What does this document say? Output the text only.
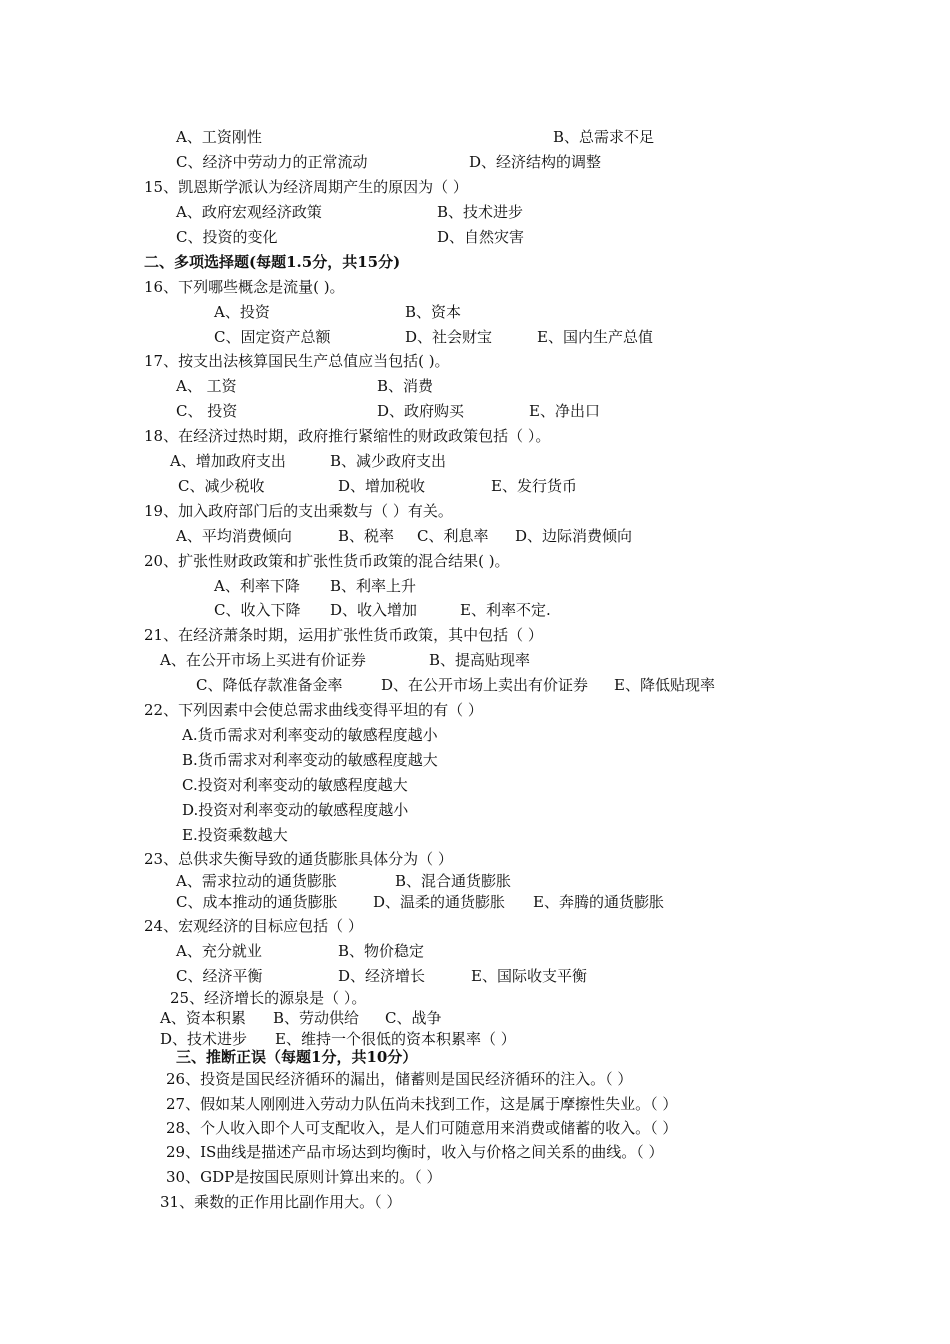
A、工资刚性	B、总需求不足
C、经济中劳动力的正常流动	D、经济结构的调整
15、凯恩斯学派认为经济周期产生的原因为（ ）
A、政府宏观经济政策	B、技术进步
C、投资的变化	D、自然灾害
二、多项选择题(每题1.5分，共15分)
16、下列哪些概念是流量( )。
A、投资	B、资本
C、固定资产总额	D、社会财宝	E、国内生产总值
17、按支出法核算国民生产总值应当包括( )。
A、 工资	B、消费
C、 投资	D、政府购买	E、净出口
18、在经济过热时期，政府推行紧缩性的财政政策包括（ ）。
A、增加政府支出	B、减少政府支出
C、减少税收	D、增加税收	E、发行货币
19、加入政府部门后的支出乘数与（ ）有关。
A、平均消费倾向	B、税率 C、利息率 D、边际消费倾向
20、扩张性财政政策和扩张性货币政策的混合结果( )。
A、利率下降 B、利率上升
C、收入下降 D、收入增加	E、利率不定.
21、在经济萧条时期，运用扩张性货币政策，其中包括（ ）
A、在公开市场上买进有价证券	B、提高贴现率
C、降低存款准备金率	D、在公开市场上卖出有价证券 E、降低贴现率
22、下列因素中会使总需求曲线变得平坦的有（ ）
A.货币需求对利率变动的敏感程度越小
B.货币需求对利率变动的敏感程度越大
C.投资对利率变动的敏感程度越大
D.投资对利率变动的敏感程度越小
E.投资乘数越大
23、总供求失衡导致的通货膨胀具体分为（ ）
A、需求拉动的通货膨胀	B、混合通货膨胀
C、成本推动的通货膨胀 D、温柔的通货膨胀 E、奔腾的通货膨胀
24、宏观经济的目标应包括（ ）
A、充分就业	B、物价稳定
C、经济平衡	D、经济增长	E、国际收支平衡
25、经济增长的源泉是（ ）。
A、资本积累 B、劳动供给 C、战争
D、技术进步 E、维持一个很低的资本积累率（ ）
三、推断正误（每题1分，共10分）
26、投资是国民经济循环的漏出，储蓄则是国民经济循环的注入。（ ）
27、假如某人刚刚进入劳动力队伍尚未找到工作，这是属于摩擦性失业。（ ）
28、个人收入即个人可支配收入，是人们可随意用来消费或储蓄的收入。（ ）
29、IS曲线是描述产品市场达到均衡时，收入与价格之间关系的曲线。（ ）
30、GDP是按国民原则计算出来的。（ ）
31、乘数的正作用比副作用大。（ ）
